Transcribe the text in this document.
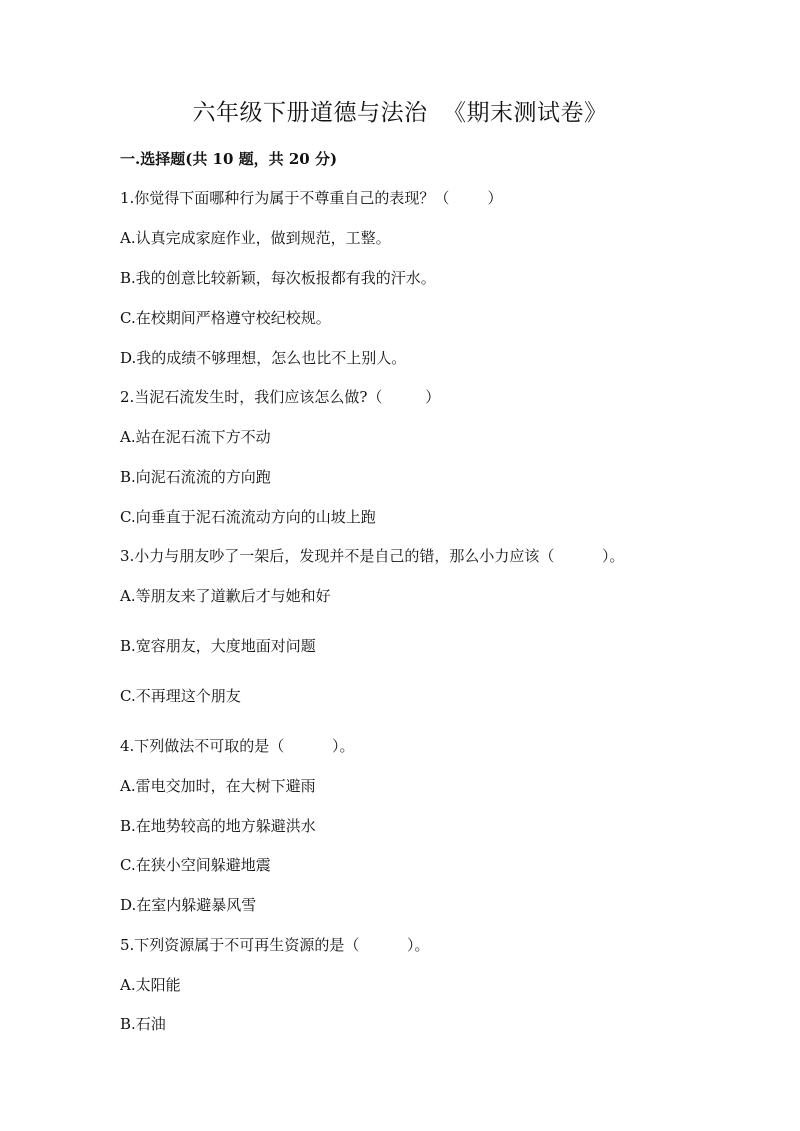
六年级下册道德与法治  《期末测试卷》
一.选择题(共 10 题，共 20 分)
1.你觉得下面哪种行为属于不尊重自己的表现？（        ）
A.认真完成家庭作业，做到规范，工整。
B.我的创意比较新颖，每次板报都有我的汗水。
C.在校期间严格遵守校纪校规。
D.我的成绩不够理想，怎么也比不上别人。
2.当泥石流发生时，我们应该怎么做?（         ）
A.站在泥石流下方不动
B.向泥石流流的方向跑
C.向垂直于泥石流流动方向的山坡上跑
3.小力与朋友吵了一架后，发现并不是自己的错，那么小力应该（          ）。
A.等朋友来了道歉后才与她和好
B.宽容朋友，大度地面对问题
C.不再理这个朋友
4.下列做法不可取的是（          ）。
A.雷电交加时，在大树下避雨
B.在地势较高的地方躲避洪水
C.在狭小空间躲避地震
D.在室内躲避暴风雪
5.下列资源属于不可再生资源的是（          ）。
A.太阳能
B.石油
